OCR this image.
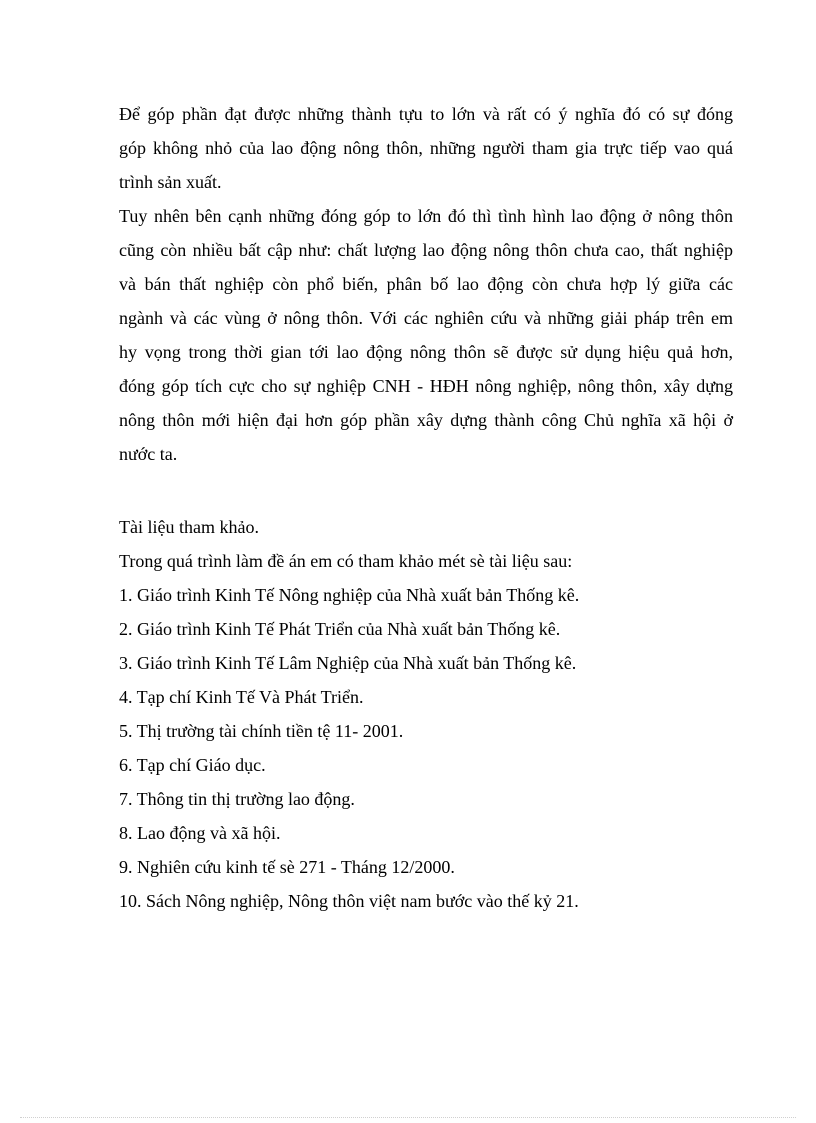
Để góp phần đạt được những thành tựu to lớn và rất có ý nghĩa đó có sự đóng
góp không nhỏ của lao động nông thôn, những người tham gia trực tiếp vao quá
trình sản xuất.
Tuy nhên bên cạnh những đóng góp to lớn đó thì tình hình lao động ở nông thôn
cũng còn nhiều bất cập như: chất lượng lao động nông thôn chưa cao, thất nghiệp
và bán thất nghiệp còn phổ biến, phân bố lao động còn chưa hợp lý giữa các
ngành và các vùng ở nông thôn. Với các nghiên cứu và những giải pháp trên em
hy vọng trong thời gian tới lao động nông thôn sẽ được sử dụng hiệu quả hơn,
đóng góp tích cực cho sự nghiệp CNH - HĐH nông nghiệp, nông thôn, xây dựng
nông thôn mới hiện đại hơn góp phần xây dựng thành công Chủ nghĩa xã hội ở
nước ta.
Tài liệu tham khảo.
Trong quá trình làm đề án em có tham khảo mét sè tài liệu sau:
1. Giáo trình Kinh Tế Nông nghiệp của Nhà xuất bản Thống kê.
2. Giáo trình Kinh Tế Phát Triển của Nhà xuất bản Thống kê.
3. Giáo trình Kinh Tế Lâm Nghiệp của Nhà xuất bản Thống kê.
4. Tạp chí Kinh Tế Và Phát Triển.
5. Thị trường tài chính tiền tệ 11- 2001.
6. Tạp chí Giáo dục.
7. Thông tin thị trường lao động.
8. Lao động và xã hội.
9. Nghiên cứu kinh tế sè 271 - Tháng 12/2000.
10. Sách Nông nghiệp, Nông thôn việt nam bước vào thế kỷ 21.
